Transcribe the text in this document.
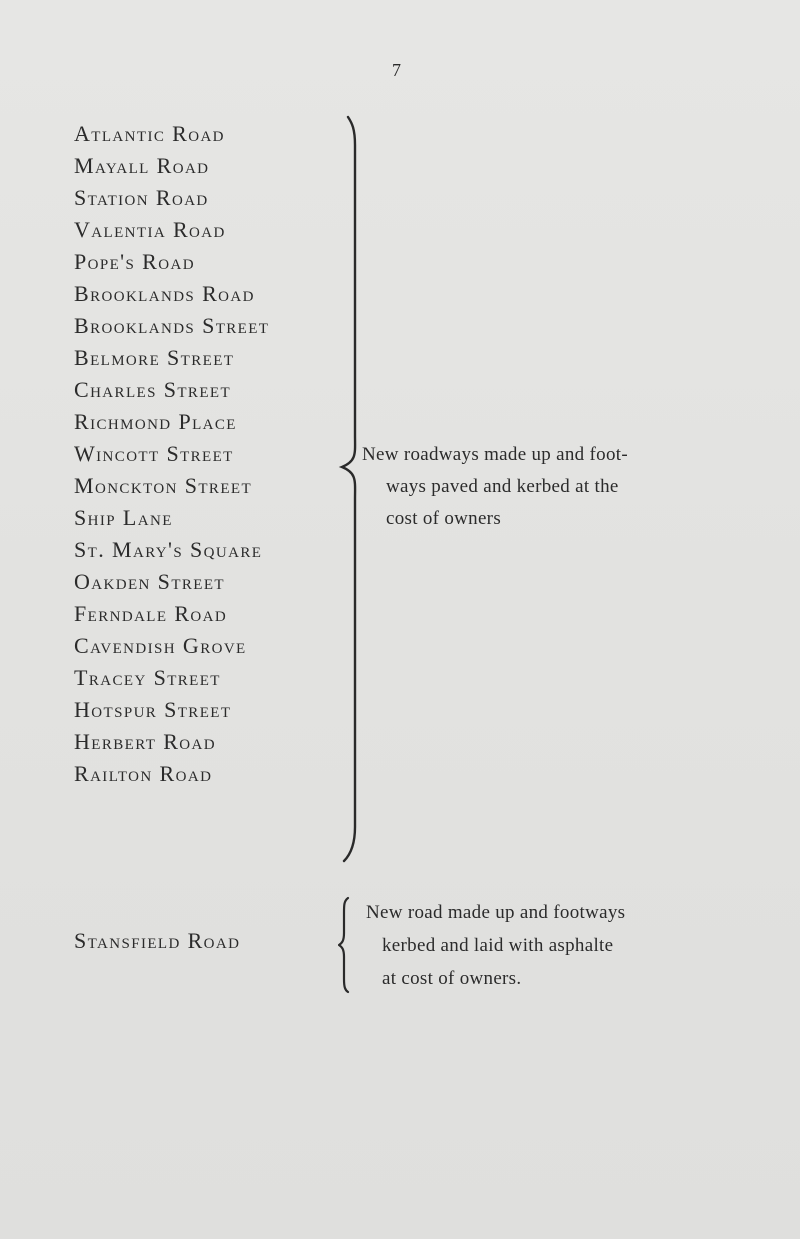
7
Atlantic Road
Mayall Road
Station Road
Valentia Road
Pope's Road
Brooklands Road
Brooklands Street
Belmore Street
Charles Street
Richmond Place
Wincott Street
Monckton Street
Ship Lane
St. Mary's Square
Oakden Street
Ferndale Road
Cavendish Grove
Tracey Street
Hotspur Street
Herbert Road
Railton Road
New roadways made up and foot-
ways paved and kerbed at the
cost of owners
Stansfield Road
New road made up and footways
kerbed and laid with asphalte
at cost of owners.
